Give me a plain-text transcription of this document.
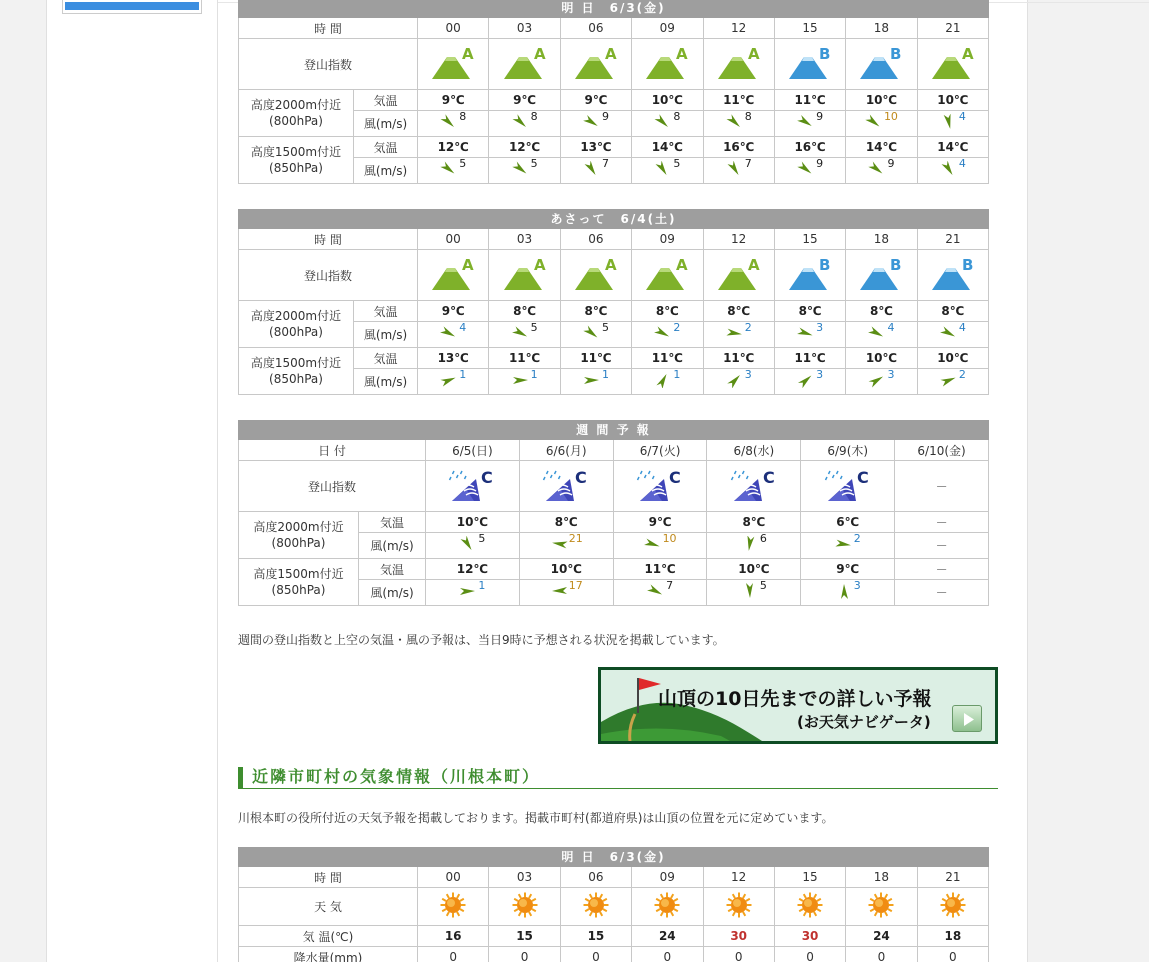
明 日　6/3(金)									
時 間		00	03	06	09	12	15	18	21
登山指数		A	A	A	A	A	B	B	A

高度2000m付近
(800hPa)	気温	9℃	9℃	9℃	10℃	11℃	11℃	10℃	10℃
	風(m/s)	8	8	9	8	8	9	10	4

高度1500m付近
(850hPa)	気温	12℃	12℃	13℃	14℃	16℃	16℃	14℃	14℃
	風(m/s)	5	5	7	5	7	9	9	4
あさって　6/4(土)									
時 間		00	03	06	09	12	15	18	21
登山指数		A	A	A	A	A	B	B	B

高度2000m付近
(800hPa)	気温	9℃	8℃	8℃	8℃	8℃	8℃	8℃	8℃
	風(m/s)	4	5	5	2	2	3	4	4

高度1500m付近
(850hPa)	気温	13℃	11℃	11℃	11℃	11℃	11℃	10℃	10℃
	風(m/s)	1	1	1	1	3	3	3	2
週 間 予 報							
日 付		6/5(日)	6/6(月)	6/7(火)	6/8(水)	6/9(木)	6/10(金)
登山指数		C	C	C	C	C	－

高度2000m付近
(800hPa)	気温	10℃	8℃	9℃	8℃	6℃	－
	風(m/s)	5	21	10	6	2	－

高度1500m付近
(850hPa)	気温	12℃	10℃	11℃	10℃	9℃	－
	風(m/s)	1	17	7	5	3	－
明 日　6/3(金)								
時 間	00	03	06	09	12	15	18	21
天 気								
気 温(℃)	16	15	15	24	30	30	24	18
降水量(mm)	0	0	0	0	0	0	0	0
週間の登山指数と上空の気温・風の予報は、当日9時に予想される状況を掲載しています。
山頂の10日先までの詳しい予報
(お天気ナビゲータ)
近隣市町村の気象情報（川根本町）
川根本町の役所付近の天気予報を掲載しております。掲載市町村(都道府県)は山頂の位置を元に定めています。
